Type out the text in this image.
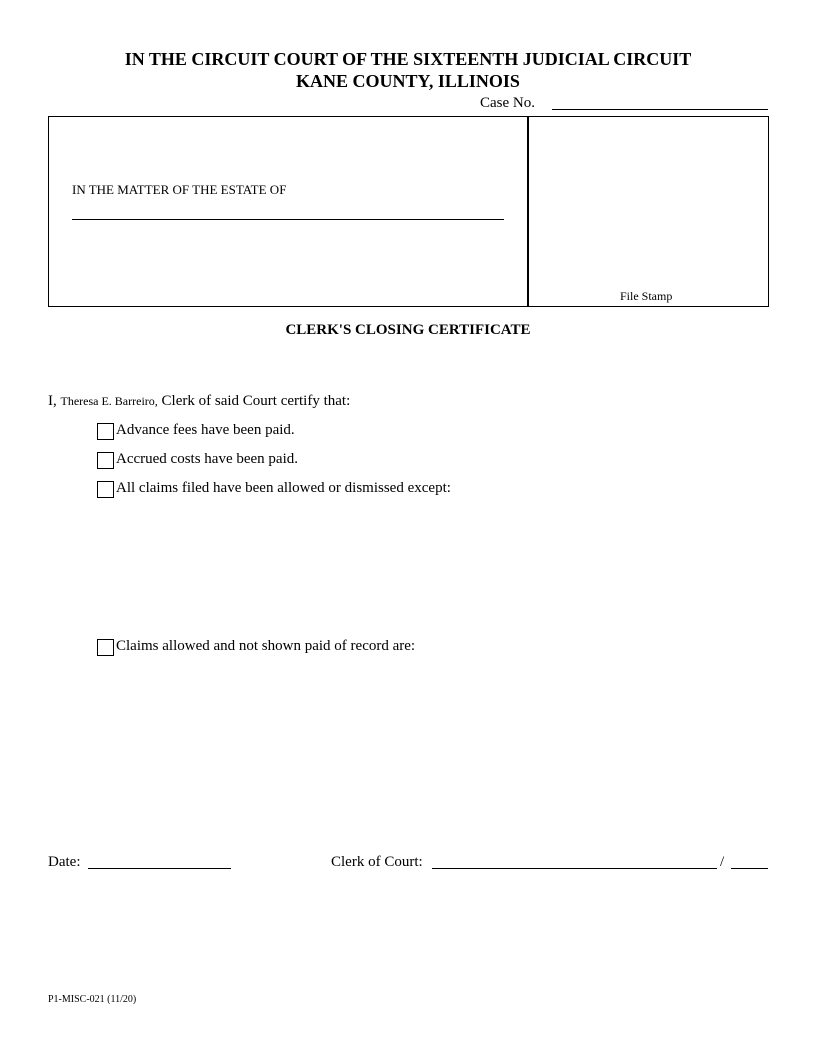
IN THE CIRCUIT COURT OF THE SIXTEENTH JUDICIAL CIRCUIT
KANE COUNTY, ILLINOIS
Case No.
IN THE MATTER OF THE ESTATE OF
File Stamp
CLERK'S CLOSING CERTIFICATE
I, Theresa E. Barreiro, Clerk of said Court certify that:
Advance fees have been paid.
Accrued costs have been paid.
All claims filed have been allowed or dismissed except:
Claims allowed and not shown paid of record are:
Date:	Clerk of Court:	/
P1-MISC-021 (11/20)
